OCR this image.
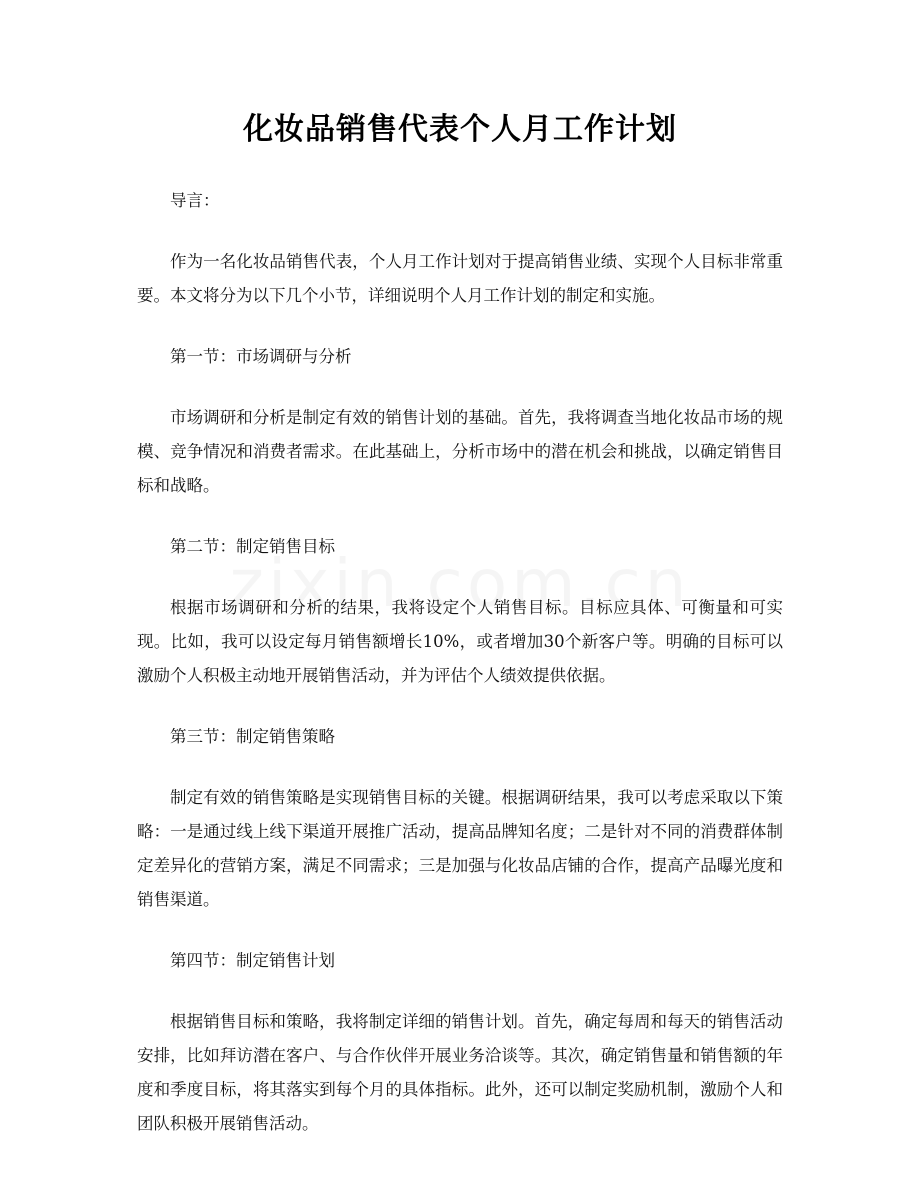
化妆品销售代表个人月工作计划

导言：

作为一名化妆品销售代表，个人月工作计划对于提高销售业绩、实现个人目标非常重要。本文将分为以下几个小节，详细说明个人月工作计划的制定和实施。

第一节：市场调研与分析

市场调研和分析是制定有效的销售计划的基础。首先，我将调查当地化妆品市场的规模、竞争情况和消费者需求。在此基础上，分析市场中的潜在机会和挑战，以确定销售目标和战略。

第二节：制定销售目标

根据市场调研和分析的结果，我将设定个人销售目标。目标应具体、可衡量和可实现。比如，我可以设定每月销售额增长10%，或者增加30个新客户等。明确的目标可以激励个人积极主动地开展销售活动，并为评估个人绩效提供依据。

第三节：制定销售策略

制定有效的销售策略是实现销售目标的关键。根据调研结果，我可以考虑采取以下策略：一是通过线上线下渠道开展推广活动，提高品牌知名度；二是针对不同的消费群体制定差异化的营销方案，满足不同需求；三是加强与化妆品店铺的合作，提高产品曝光度和销售渠道。

第四节：制定销售计划

根据销售目标和策略，我将制定详细的销售计划。首先，确定每周和每天的销售活动安排，比如拜访潜在客户、与合作伙伴开展业务洽谈等。其次，确定销售量和销售额的年度和季度目标，将其落实到每个月的具体指标。此外，还可以制定奖励机制，激励个人和团队积极开展销售活动。
